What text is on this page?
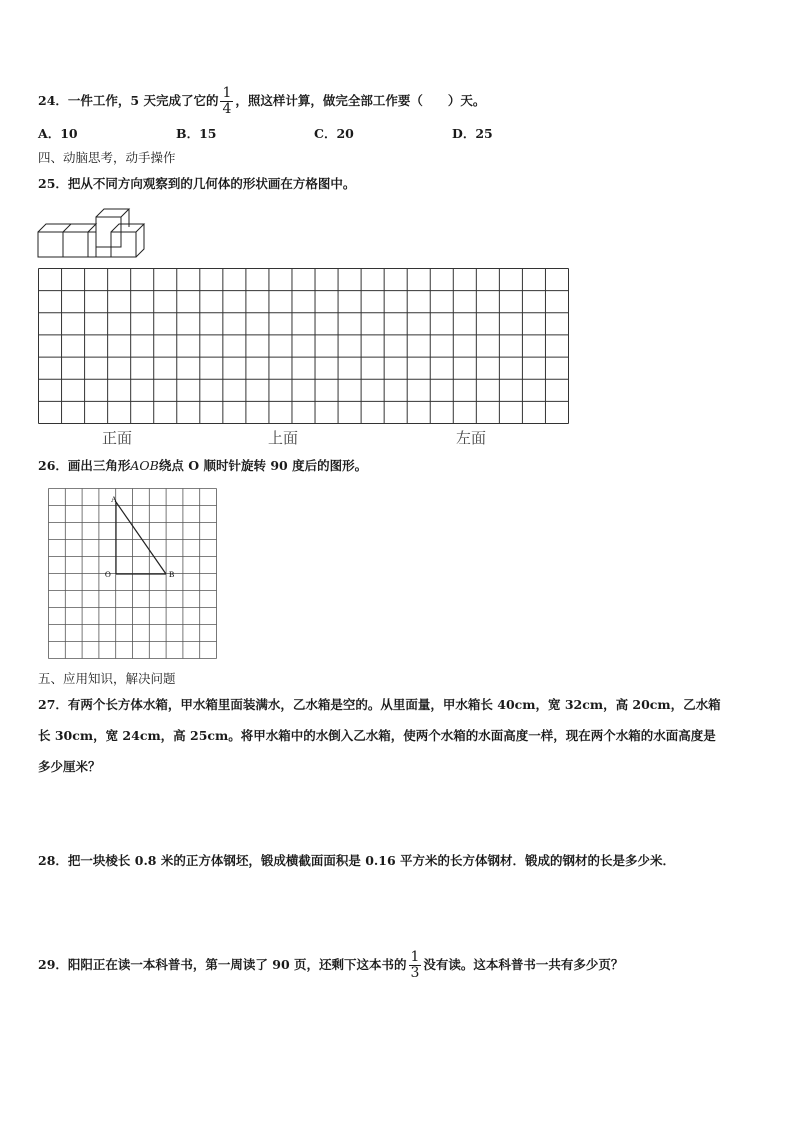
24．一件工作，5 天完成了它的 $\frac{1}{4}$ ，照这样计算，做完全部工作要（　　）天。
A．10	B．15	C．20	D．25
四、动脑思考，动手操作
25．把从不同方向观察到的几何体的形状画在方格图中。
正面	上面	左面
26．画出三角形AOB绕点 O 顺时针旋转 90 度后的图形。
A
O	B
五、应用知识，解决问题
27．有两个长方体水箱，甲水箱里面装满水，乙水箱是空的。从里面量，甲水箱长 40cm，宽 32cm，高 20cm，乙水箱
长 30cm，宽 24cm，高 25cm。将甲水箱中的水倒入乙水箱，使两个水箱的水面高度一样，现在两个水箱的水面高度是
多少厘米？
28．把一块棱长 0.8 米的正方体钢坯，锻成横截面面积是 0.16 平方米的长方体钢材．锻成的钢材的长是多少米．
29．阳阳正在读一本科普书，第一周读了 90 页，还剩下这本书的 $\frac{1}{3}$ 没有读。这本科普书一共有多少页？
